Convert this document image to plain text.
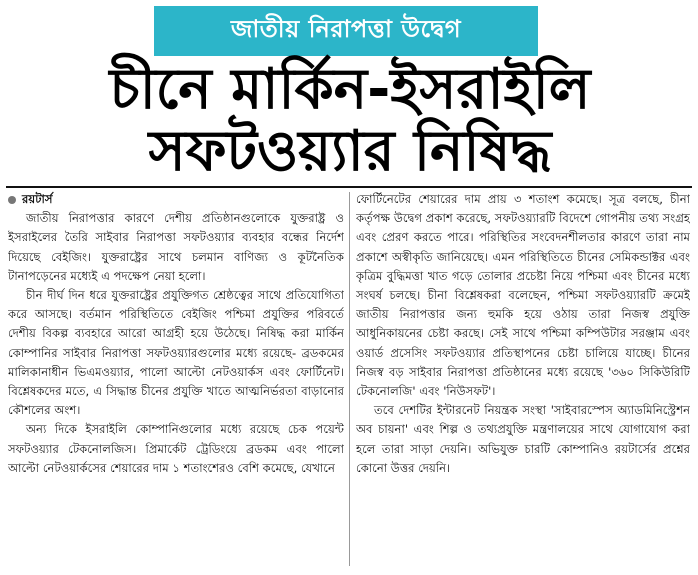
জাতীয় নিরাপত্তা উদ্বেগ
চীনে মার্কিন-ইসরাইলি
সফটওয়্যার নিষিদ্ধ
রয়টার্স

জাতীয় নিরাপত্তার কারণে দেশীয় প্রতিষ্ঠানগুলোকে যুক্তরাষ্ট্র ও ইসরাইলের তৈরি সাইবার নিরাপত্তা সফটওয়্যার ব্যবহার বন্ধের নির্দেশ দিয়েছে বেইজিং। যুক্তরাষ্ট্রের সাথে চলমান বাণিজ্য ও কূটনৈতিক টানাপড়েনের মধ্যেই এ পদক্ষেপ নেয়া হলো।

চীন দীর্ঘ দিন ধরে যুক্তরাষ্ট্রের প্রযুক্তিগত শ্রেষ্ঠত্বের সাথে প্রতিযোগিতা করে আসছে। বর্তমান পরিস্থিতিতে বেইজিং পশ্চিমা প্রযুক্তির পরিবর্তে দেশীয় বিকল্প ব্যবহারে আরো আগ্রহী হয়ে উঠেছে। নিষিদ্ধ করা মার্কিন কোম্পানির সাইবার নিরাপত্তা সফটওয়্যারগুলোর মধ্যে রয়েছে- ব্রডকমের মালিকানাধীন ভিএমওয়্যার, পালো আল্টো নেটওয়ার্কস এবং ফোর্টিনেট। বিশ্লেষকদের মতে, এ সিদ্ধান্ত চীনের প্রযুক্তি খাতে আত্মনির্ভরতা বাড়ানোর কৌশলের অংশ।

অন্য দিকে ইসরাইলি কোম্পানিগুলোর মধ্যে রয়েছে চেক পয়েন্ট সফটওয়্যার টেকনোলজিস। প্রিমার্কেট ট্রেডিংয়ে ব্রডকম এবং পালো আল্টো নেটওয়ার্কসের শেয়ারের দাম ১ শতাংশেরও বেশি কমেছে, যেখানে

ফোর্টিনেটের শেয়ারের দাম প্রায় ৩ শতাংশ কমেছে। সূত্র বলছে, চীনা কর্তৃপক্ষ উদ্বেগ প্রকাশ করেছে, সফটওয়্যারটি বিদেশে গোপনীয় তথ্য সংগ্রহ এবং প্রেরণ করতে পারে। পরিস্থিতির সংবেদনশীলতার কারণে তারা নাম প্রকাশে অস্বীকৃতি জানিয়েছে। এমন পরিস্থিতিতে চীনের সেমিকন্ডাক্টর এবং কৃত্রিম বুদ্ধিমত্তা খাত গড়ে তোলার প্রচেষ্টা নিয়ে পশ্চিমা এবং চীনের মধ্যে সংঘর্ষ চলছে। চীনা বিশ্লেষকরা বলেছেন, পশ্চিমা সফটওয়্যারটি ক্রমেই জাতীয় নিরাপত্তার জন্য হুমকি হয়ে ওঠায় তারা নিজস্ব প্রযুক্তি আধুনিকায়নের চেষ্টা করছে। সেই সাথে পশ্চিমা কম্পিউটার সরঞ্জাম এবং ওয়ার্ড প্রসেসিং সফটওয়্যার প্রতিস্থাপনের চেষ্টা চালিয়ে যাচ্ছে। চীনের নিজস্ব বড় সাইবার নিরাপত্তা প্রতিষ্ঠানের মধ্যে রয়েছে '৩৬০ সিকিউরিটি টেকনোলজি' এবং 'নিউসফট'।

তবে দেশটির ইন্টারনেট নিয়ন্ত্রক সংস্থা 'সাইবারস্পেস অ্যাডমিনিস্ট্রেশন অব চায়না' এবং শিল্প ও তথ্যপ্রযুক্তি মন্ত্রণালয়ের সাথে যোগাযোগ করা হলে তারা সাড়া দেয়নি। অভিযুক্ত চারটি কোম্পানিও রয়টার্সের প্রশ্নের কোনো উত্তর দেয়নি।
